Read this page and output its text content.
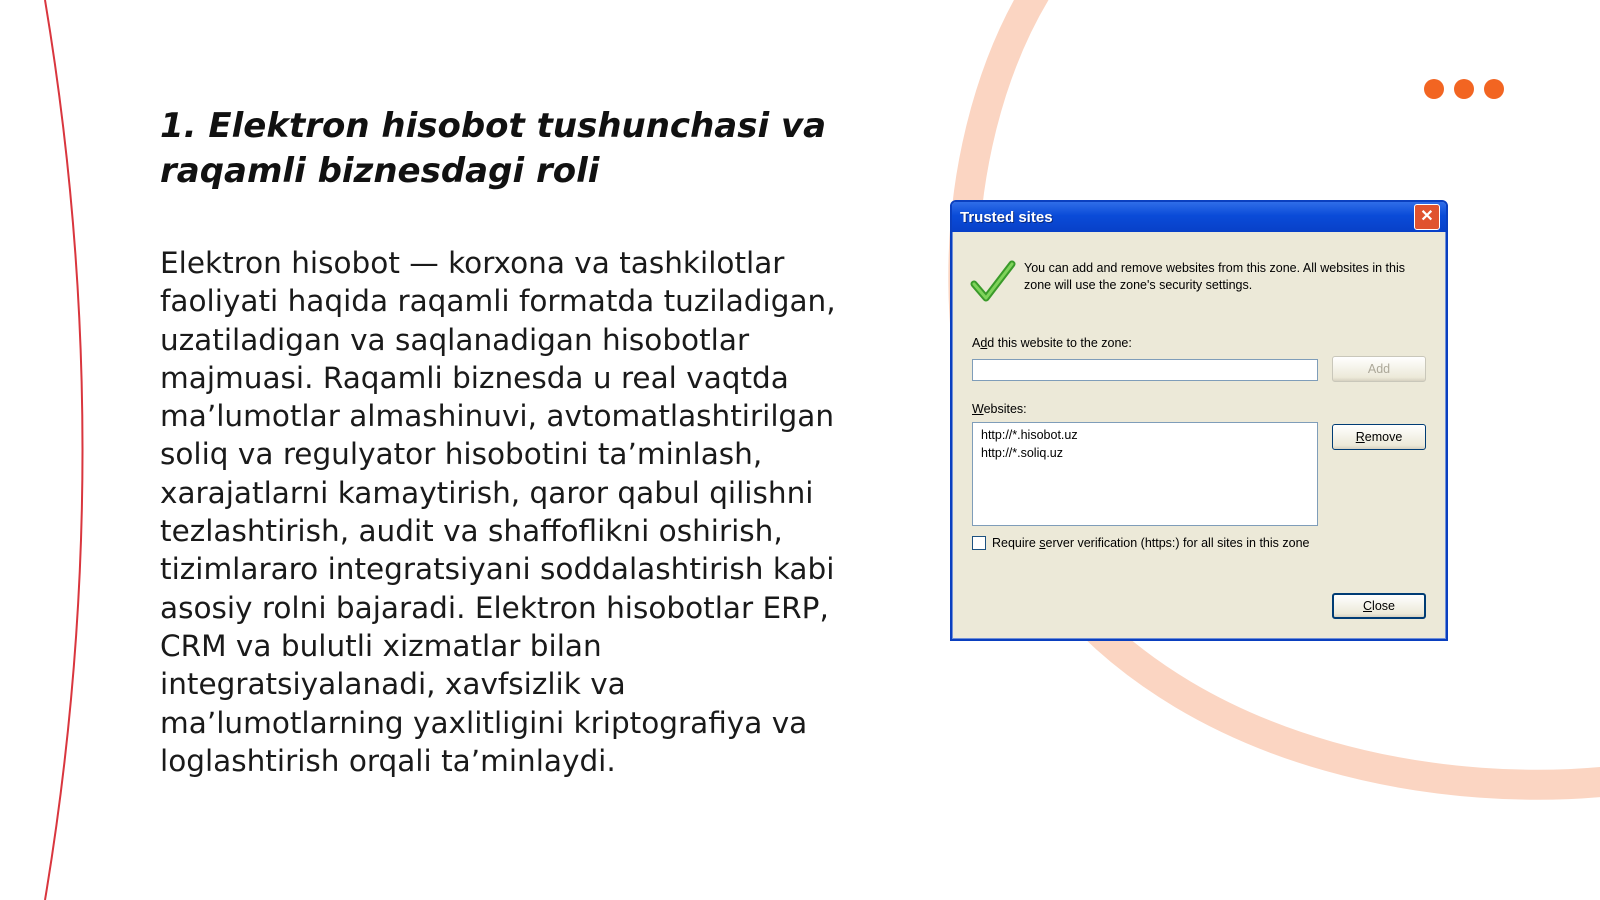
1. Elektron hisobot tushunchasi va raqamli biznesdagi roli

Elektron hisobot — korxona va tashkilotlar faoliyati haqida raqamli formatda tuziladigan, uzatiladigan va saqlanadigan hisobotlar majmuasi. Raqamli biznesda u real vaqtda ma’lumotlar almashinuvi, avtomatlashtirilgan soliq va regulyator hisobotini ta’minlash, xarajatlarni kamaytirish, qaror qabul qilishni tezlashtirish, audit va shaffoflikni oshirish, tizimlararo integratsiyani soddalashtirish kabi asosiy rolni bajaradi. Elektron hisobotlar ERP, CRM va bulutli xizmatlar bilan integratsiyalanadi, xavfsizlik va ma’lumotlarning yaxlitligini kriptografiya va loglashtirish orqali ta’minlaydi.

Trusted sites	✕
You can add and remove websites from this zone. All websites in this zone will use the zone's security settings.
Add this website to the zone:
Add
Websites:
http://*.hisobot.uz
http://*.soliq.uz
R emove
Require server verification (https:) for all sites in this zone
C lose
